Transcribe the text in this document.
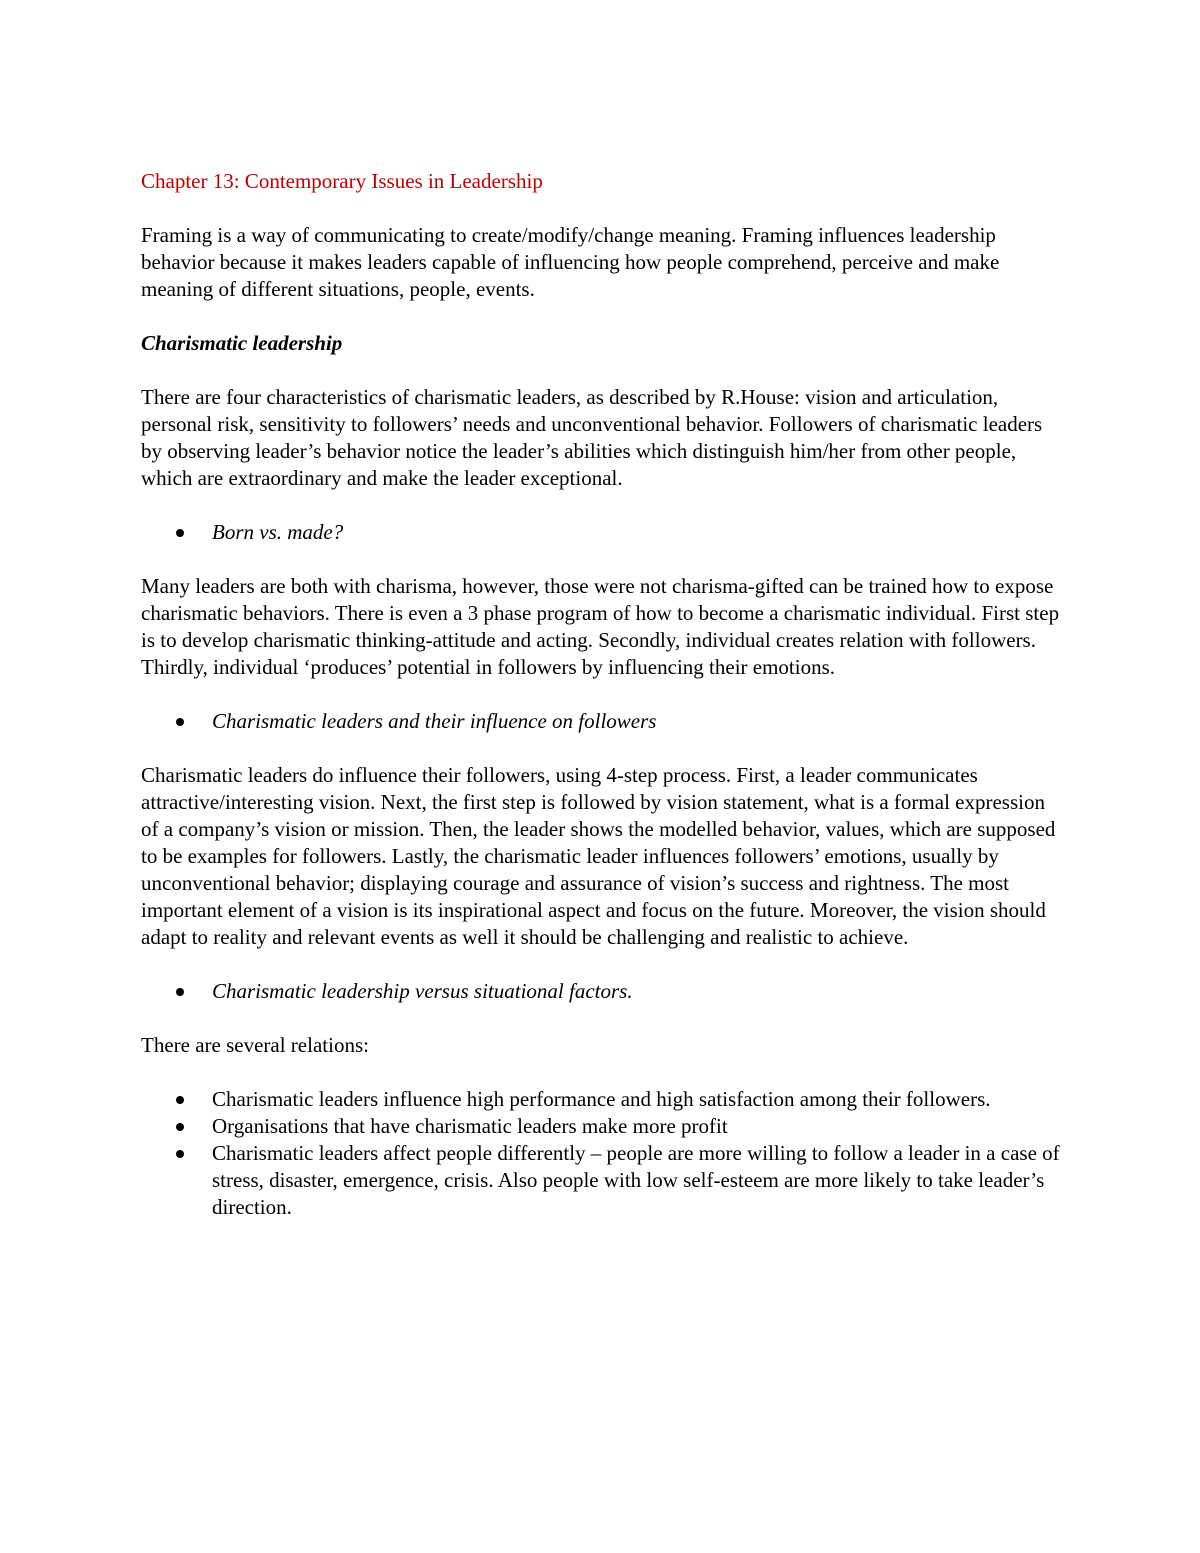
Chapter 13: Contemporary Issues in Leadership

Framing is a way of communicating to create/modify/change meaning. Framing influences leadership behavior because it makes leaders capable of influencing how people comprehend, perceive and make meaning of different situations, people, events.

Charismatic leadership

There are four characteristics of charismatic leaders, as described by R.House: vision and articulation, personal risk, sensitivity to followers’ needs and unconventional behavior. Followers of charismatic leaders by observing leader’s behavior notice the leader’s abilities which distinguish him/her from other people, which are extraordinary and make the leader exceptional.

Born vs. made?

Many leaders are both with charisma, however, those were not charisma-gifted can be trained how to expose charismatic behaviors. There is even a 3 phase program of how to become a charismatic individual. First step is to develop charismatic thinking-attitude and acting. Secondly, individual creates relation with followers. Thirdly, individual ‘produces’ potential in followers by influencing their emotions.

Charismatic leaders and their influence on followers

Charismatic leaders do influence their followers, using 4-step process. First, a leader communicates attractive/interesting vision. Next, the first step is followed by vision statement, what is a formal expression of a company’s vision or mission. Then, the leader shows the modelled behavior, values, which are supposed to be examples for followers. Lastly, the charismatic leader influences followers’ emotions, usually by unconventional behavior; displaying courage and assurance of vision’s success and rightness. The most important element of a vision is its inspirational aspect and focus on the future. Moreover, the vision should adapt to reality and relevant events as well it should be challenging and realistic to achieve.

Charismatic leadership versus situational factors.

There are several relations:

Charismatic leaders influence high performance and high satisfaction among their followers.
Organisations that have charismatic leaders make more profit
Charismatic leaders affect people differently – people are more willing to follow a leader in a case of stress, disaster, emergence, crisis. Also people with low self-esteem are more likely to take leader’s direction.
